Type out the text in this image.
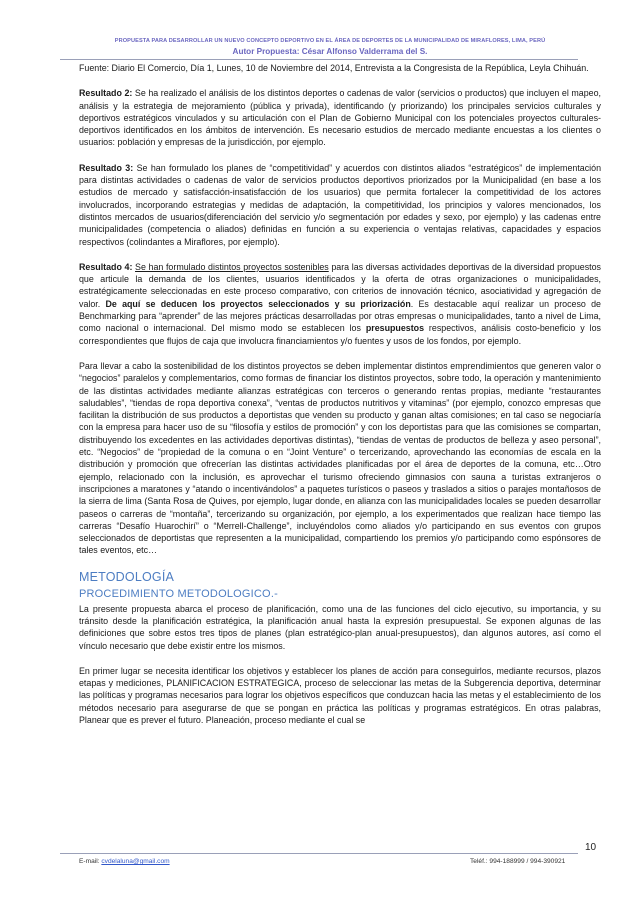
PROPUESTA PARA DESARROLLAR UN NUEVO CONCEPTO DEPORTIVO EN EL ÁREA DE DEPORTES DE LA MUNICIPALIDAD DE MIRAFLORES, LIMA, PERÚ
Autor Propuesta: César Alfonso Valderrama del S.

Fuente: Diario El Comercio, Día 1, Lunes, 10 de Noviembre del 2014, Entrevista a la Congresista de la República, Leyla Chihuán.

Resultado 2: Se ha realizado el análisis de los distintos deportes o cadenas de valor (servicios o productos) que incluyen el mapeo, análisis y la estrategia de mejoramiento (pública y privada), identificando (y priorizando) los principales servicios culturales y deportivos estratégicos vinculados y su articulación con el Plan de Gobierno Municipal con los potenciales proyectos culturales-deportivos identificados en los ámbitos de intervención. Es necesario estudios de mercado mediante encuestas a los clientes o usuarios: población y empresas de la jurisdicción, por ejemplo.

Resultado 3: Se han formulado los planes de “competitividad” y acuerdos con distintos aliados “estratégicos” de implementación para distintas actividades o cadenas de valor de servicios productos deportivos priorizados por la Municipalidad (en base a los estudios de mercado y satisfacción-insatisfacción de los usuarios) que permita fortalecer la competitividad de los actores involucrados, incorporando estrategias y medidas de adaptación, la competitividad, los principios y valores mencionados, los distintos mercados de usuarios(diferenciación del servicio y/o segmentación por edades y sexo, por ejemplo) y las cadenas entre municipalidades (competencia o aliados) definidas en función a su experiencia o ventajas relativas, capacidades y espacios respectivos (colindantes a Miraflores, por ejemplo).

Resultado 4: Se han formulado distintos proyectos sostenibles para las diversas actividades deportivas de la diversidad propuestos que articule la demanda de los clientes, usuarios identificados y la oferta de otras organizaciones o municipalidades, estratégicamente seleccionadas en este proceso comparativo, con criterios de innovación técnico, asociatividad y agregación de valor. De aquí se deducen los proyectos seleccionados y su priorización. Es destacable aquí realizar un proceso de Benchmarking para “aprender” de las mejores prácticas desarrolladas por otras empresas o municipalidades, tanto a nivel de Lima, como nacional o internacional. Del mismo modo se establecen los presupuestos respectivos, análisis costo-beneficio y los correspondientes que flujos de caja que involucra financiamientos y/o fuentes y usos de los fondos, por ejemplo.

Para llevar a cabo la sostenibilidad de los distintos proyectos se deben implementar distintos emprendimientos que generen valor o “negocios” paralelos y complementarios, como formas de financiar los distintos proyectos, sobre todo, la operación y mantenimiento de las distintas actividades mediante alianzas estratégicas con terceros o generando rentas propias, mediante “restaurantes saludables”, “tiendas de ropa deportiva conexa”, “ventas de productos nutritivos y vitaminas” (por ejemplo, conozco empresas que facilitan la distribución de sus productos a deportistas que venden su producto y ganan altas comisiones; en tal caso se negociaría con la empresa para hacer uso de su “filosofía y estilos de promoción” y con los deportistas para que las comisiones se compartan, distribuyendo los excedentes en las actividades deportivas distintas), “tiendas de ventas de productos de belleza y aseo personal”, etc. “Negocios” de “propiedad de la comuna o en “Joint Venture” o tercerizando, aprovechando las economías de escala en la distribución y promoción que ofrecerían las distintas actividades planificadas por el área de deportes de la comuna, etc…Otro ejemplo, relacionado con la inclusión, es aprovechar el turismo ofreciendo gimnasios con sauna a turistas extranjeros o inscripciones a maratones y “atando o incentivándolos” a paquetes turísticos o paseos y traslados a sitios o parajes montañosos de la sierra de lima (Santa Rosa de Quives, por ejemplo, lugar donde, en alianza con las municipalidades locales se pueden desarrollar paseos o carreras de “montaña”, tercerizando su organización, por ejemplo, a los experimentados que realizan hace tiempo las carreras “Desafío Huarochirí” o “Merrell-Challenge”, incluyéndolos como aliados y/o participando en sus eventos con grupos seleccionados de deportistas que representen a la municipalidad, compartiendo los premios y/o participando como espónsores de tales eventos, etc…

METODOLOGÍA
PROCEDIMIENTO METODOLOGICO.-

La presente propuesta abarca el proceso de planificación, como una de las funciones del ciclo ejecutivo, su importancia, y su tránsito desde la planificación estratégica, la planificación anual hasta la expresión presupuestal. Se exponen algunas de las definiciones que sobre estos tres tipos de planes (plan estratégico-plan anual-presupuestos), dan algunos autores, así como el vínculo necesario que debe existir entre los mismos.

En primer lugar se necesita identificar los objetivos y establecer los planes de acción para conseguirlos, mediante recursos, plazos etapas y mediciones, PLANIFICACION ESTRATEGICA, proceso de seleccionar las metas de la Subgerencia deportiva, determinar las políticas y programas necesarios para lograr los objetivos específicos que conduzcan hacia las metas y el establecimiento de los métodos necesario para asegurarse de que se pongan en práctica las políticas y programas estratégicos. En otras palabras, Planear que es prever el futuro. Planeación, proceso mediante el cual se

10
E-mail: cvdelaluna@gmail.com	Teléf.: 994-188999 / 994-390921
